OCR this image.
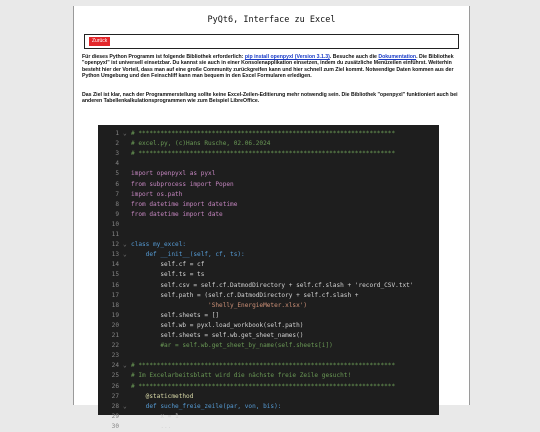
PyQt6, Interface zu Excel
Zurück
Für dieses Python Programm ist folgende Bibliothek erforderlich: pip install openpyxl (Version 3.1.3). Besuche auch die Dokumentation. Die Bibliothek "openpyxl" ist universell einsetzbar. Du kannst sie auch in einer Konsolenapplikation einsetzen, indem du zusätzliche Menüzeilen einführst. Weiterhin besteht hier der Vorteil, dass man auf eine große Community zurückgreifen kann und hier schnell zum Ziel kommt. Notwendige Daten kommen aus der Python Umgebung und den Feinschliff kann man bequem in den Excel Formularen erledigen.
Das Ziel ist klar, nach der Programmerstellung sollte keine Excel-Zeilen-Editierung mehr notwendig sein. Die Bibliothek "openpyxl" funktioniert auch bei anderen Tabellenkalkulationsprogrammen wie zum Beispiel LibreOffice.
1 ⌄ # **********************************************************************
2 # excel.py, (c)Hans Rusche, 02.06.2024
3 # **********************************************************************
4
5 import openpyxl as pyxl
6 from subprocess import Popen
7 import os.path
8 from datetime import datetime
9 from datetime import date
10
11
12 ⌄ class my_excel:
13 ⌄ def __init__(self, cf, ts):
14 self.cf = cf
15 self.ts = ts
16 self.csv = self.cf.DatmodDirectory + self.cf.slash + 'record_CSV.txt'
17 self.path = (self.cf.DatmodDirectory + self.cf.slash +
18 'Shelly_EnergieMeter.xlsx')
19 self.sheets = []
20 self.wb = pyxl.load_workbook(self.path)
21 self.sheets = self.wb.get_sheet_names()
22 #ar = self.wb.get_sheet_by_name(self.sheets[i])
23
24 ⌄ # **********************************************************************
25 # Im Excelarbeitsblatt wird die nächste freie Zeile gesucht!
26 # **********************************************************************
27 @staticmethod
28 ⌄ def suche_freie_zeile(par, von, bis):
29 x = 1
30 ...
